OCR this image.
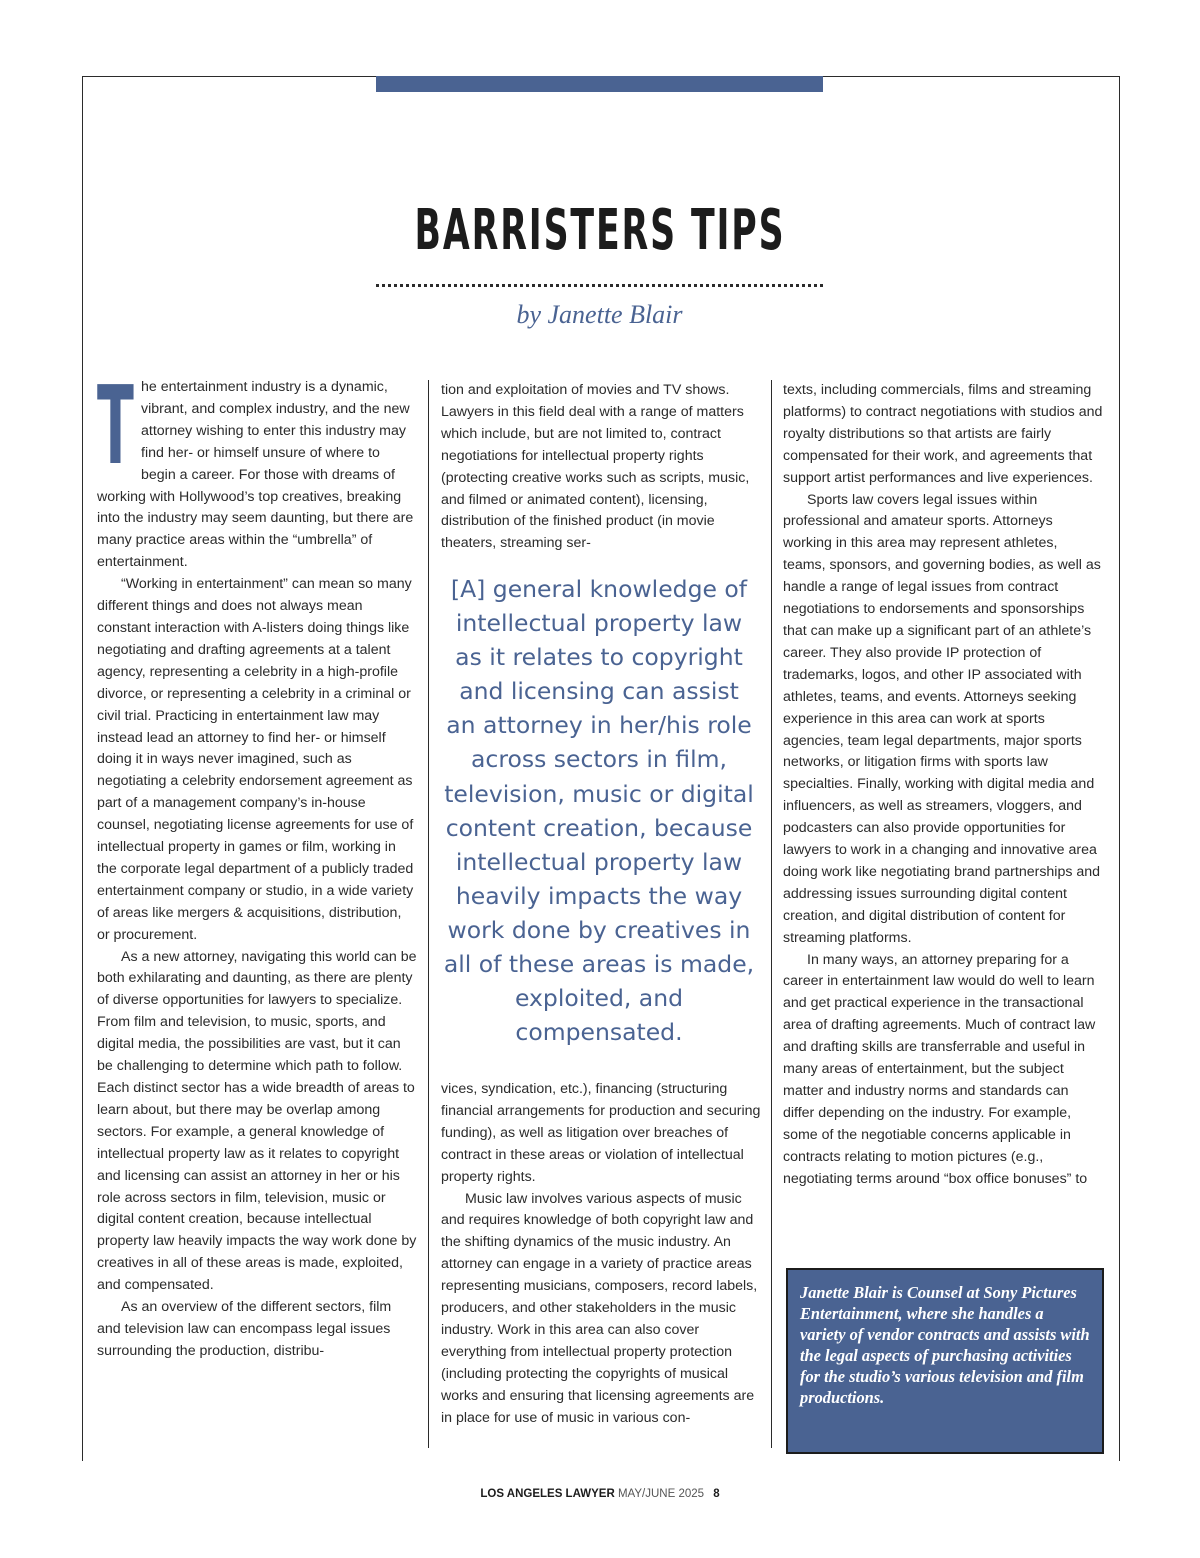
BARRISTERS TIPS
by Janette Blair

The entertainment industry is a dynamic, vibrant, and complex industry, and the new attorney wishing to enter this industry may find her- or himself unsure of where to begin a career. For those with dreams of working with Hollywood’s top creatives, breaking into the industry may seem daunting, but there are many practice areas within the “umbrella” of entertainment.

“Working in entertainment” can mean so many different things and does not always mean constant interaction with A-listers doing things like negotiating and drafting agreements at a talent agency, representing a celebrity in a high-profile divorce, or representing a celebrity in a criminal or civil trial. Practicing in entertainment law may instead lead an attorney to find her- or himself doing it in ways never imagined, such as negotiating a celebrity endorsement agreement as part of a management company’s in-house counsel, negotiating license agreements for use of intellectual property in games or film, working in the corporate legal department of a publicly traded entertainment company or studio, in a wide variety of areas like mergers & acquisitions, distribution, or procurement.

As a new attorney, navigating this world can be both exhilarating and daunting, as there are plenty of diverse opportunities for lawyers to specialize. From film and television, to music, sports, and digital media, the possibilities are vast, but it can be challenging to determine which path to follow. Each distinct sector has a wide breadth of areas to learn about, but there may be overlap among sectors. For example, a general knowledge of intellectual property law as it relates to copyright and licensing can assist an attorney in her or his role across sectors in film, television, music or digital content creation, because intellectual property law heavily impacts the way work done by creatives in all of these areas is made, exploited, and compensated.

As an overview of the different sectors, film and television law can encompass legal issues surrounding the production, distribu-

tion and exploitation of movies and TV shows. Lawyers in this field deal with a range of matters which include, but are not limited to, contract negotiations for intellectual property rights (protecting creative works such as scripts, music, and filmed or animated content), licensing, distribution of the finished product (in movie theaters, streaming ser-

[A] general knowledge of intellectual property law as it relates to copyright and licensing can assist an attorney in her/his role across sectors in film, television, music or digital content creation, because intellectual property law heavily impacts the way work done by creatives in all of these areas is made, exploited, and compensated.

vices, syndication, etc.), financing (structuring financial arrangements for production and securing funding), as well as litigation over breaches of contract in these areas or violation of intellectual property rights.

Music law involves various aspects of music and requires knowledge of both copyright law and the shifting dynamics of the music industry. An attorney can engage in a variety of practice areas representing musicians, composers, record labels, producers, and other stakeholders in the music industry. Work in this area can also cover everything from intellectual property protection (including protecting the copyrights of musical works and ensuring that licensing agreements are in place for use of music in various con-

texts, including commercials, films and streaming platforms) to contract negotiations with studios and royalty distributions so that artists are fairly compensated for their work, and agreements that support artist performances and live experiences.

Sports law covers legal issues within professional and amateur sports. Attorneys working in this area may represent athletes, teams, sponsors, and governing bodies, as well as handle a range of legal issues from contract negotiations to endorsements and sponsorships that can make up a significant part of an athlete’s career. They also provide IP protection of trademarks, logos, and other IP associated with athletes, teams, and events. Attorneys seeking experience in this area can work at sports agencies, team legal departments, major sports networks, or litigation firms with sports law specialties. Finally, working with digital media and influencers, as well as streamers, vloggers, and podcasters can also provide opportunities for lawyers to work in a changing and innovative area doing work like negotiating brand partnerships and addressing issues surrounding digital content creation, and digital distribution of content for streaming platforms.

In many ways, an attorney preparing for a career in entertainment law would do well to learn and get practical experience in the transactional area of drafting agreements. Much of contract law and drafting skills are transferrable and useful in many areas of entertainment, but the subject matter and industry norms and standards can differ depending on the industry. For example, some of the negotiable concerns applicable in contracts relating to motion pictures (e.g., negotiating terms around “box office bonuses” to

Janette Blair is Counsel at Sony Pictures Entertainment, where she handles a variety of vendor contracts and assists with the legal aspects of purchasing activities for the studio’s various television and film productions.
LOS ANGELES LAWYER MAY/JUNE 2025 8
